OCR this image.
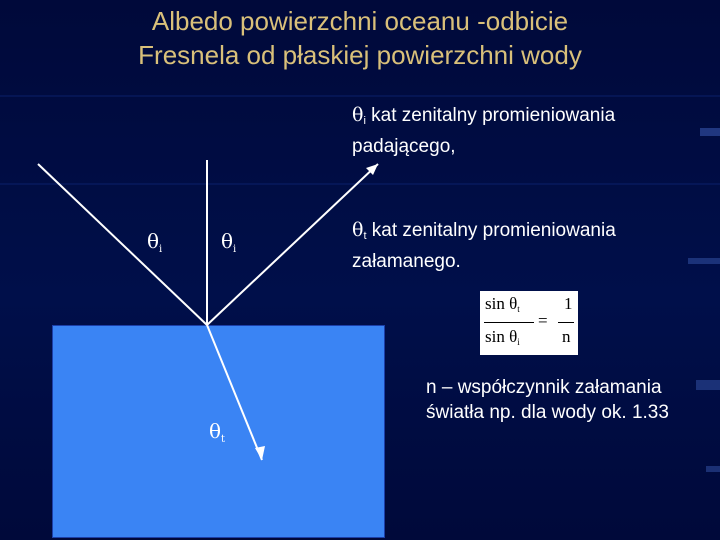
Albedo powierzchni oceanu -odbicie
Fresnela od płaskiej powierzchni wody
$\theta_i$	$\theta_i$
$\theta_t$
$\theta_i$ kat zenitalny promieniowania padającego,
$\theta_t$ kat zenitalny promieniowania załamanego.
$\sin \theta_t$
$\sin \theta_i$
=
1
n
n – współczynnik załamania światła np. dla wody ok. 1.33
